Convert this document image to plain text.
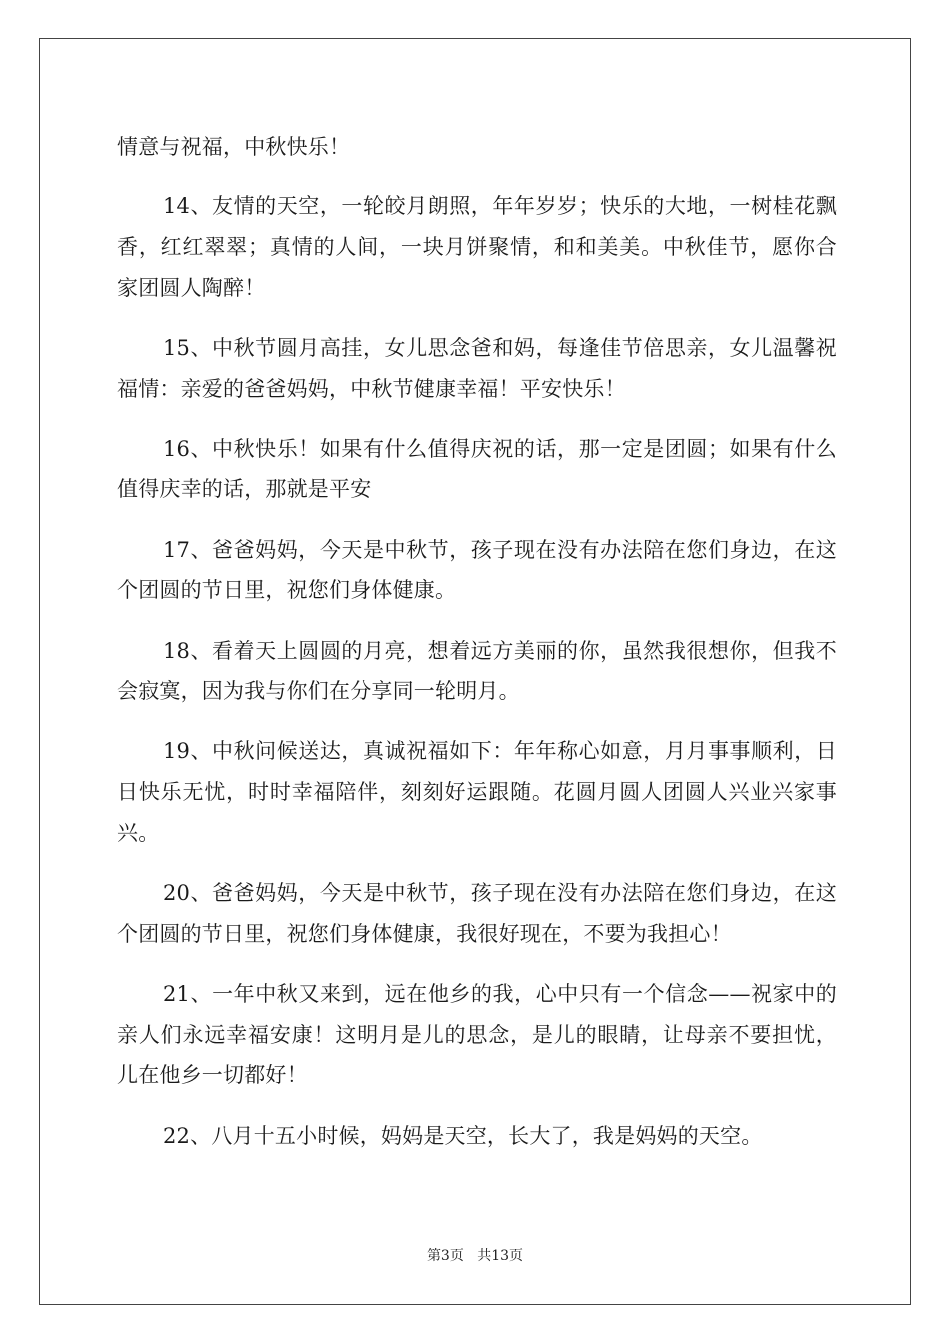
情意与祝福，中秋快乐！

14、友情的天空，一轮皎月朗照，年年岁岁；快乐的大地，一树桂花飘香，红红翠翠；真情的人间，一块月饼聚情，和和美美。中秋佳节，愿你合家团圆人陶醉！

15、中秋节圆月高挂，女儿思念爸和妈，每逢佳节倍思亲，女儿温馨祝福情：亲爱的爸爸妈妈，中秋节健康幸福！平安快乐！

16、中秋快乐！如果有什么值得庆祝的话，那一定是团圆；如果有什么值得庆幸的话，那就是平安

17、爸爸妈妈，今天是中秋节，孩子现在没有办法陪在您们身边，在这个团圆的节日里，祝您们身体健康。

18、看着天上圆圆的月亮，想着远方美丽的你，虽然我很想你，但我不会寂寞，因为我与你们在分享同一轮明月。

19、中秋问候送达，真诚祝福如下：年年称心如意，月月事事顺利，日日快乐无忧，时时幸福陪伴，刻刻好运跟随。花圆月圆人团圆人兴业兴家事兴。

20、爸爸妈妈，今天是中秋节，孩子现在没有办法陪在您们身边，在这个团圆的节日里，祝您们身体健康，我很好现在，不要为我担心！

21、一年中秋又来到，远在他乡的我，心中只有一个信念——祝家中的亲人们永远幸福安康！这明月是儿的思念，是儿的眼睛，让母亲不要担忧，儿在他乡一切都好！

22、八月十五小时候，妈妈是天空，长大了，我是妈妈的天空。

第3页 共13页
